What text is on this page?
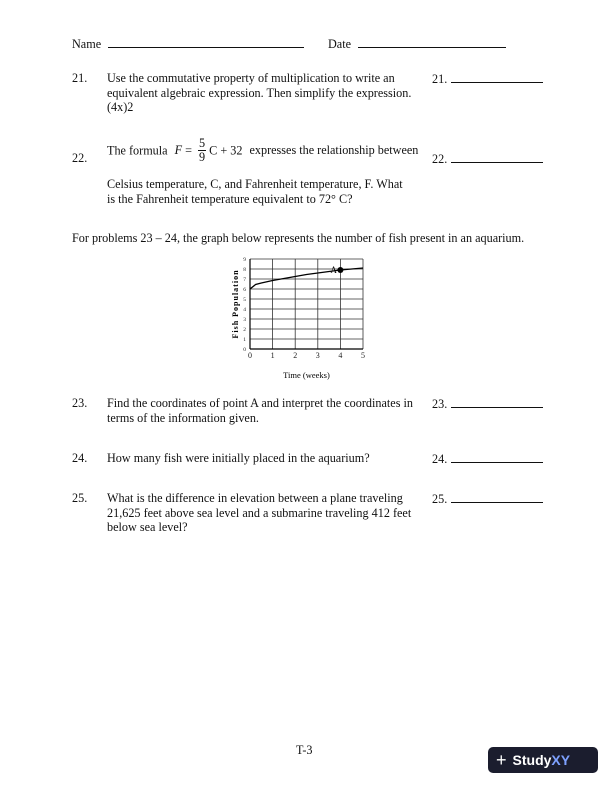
Name	Date
21. Use the commutative property of multiplication to write an
equivalent algebraic expression. Then simplify the expression.
(4x)2
21.
22.
The formula $F = \frac{5}{9}$ C + 32 expresses the relationship between
Celsius temperature, C, and Fahrenheit temperature, F. What
is the Fahrenheit temperature equivalent to 72° C?
22.
For problems 23 – 24, the graph below represents the number of fish present in an aquarium.
0
1
2
3
4
5
6
7
8
9
0 1 2 3 4 5
A
Time (weeks)
Fish Population
23. Find the coordinates of point A and interpret the coordinates in
terms of the information given.
23.
24. How many fish were initially placed in the aquarium?	24.
25. What is the difference in elevation between a plane traveling
21,625 feet above sea level and a submarine traveling 412 feet
below sea level?
25.
T-3	+ Study XY
